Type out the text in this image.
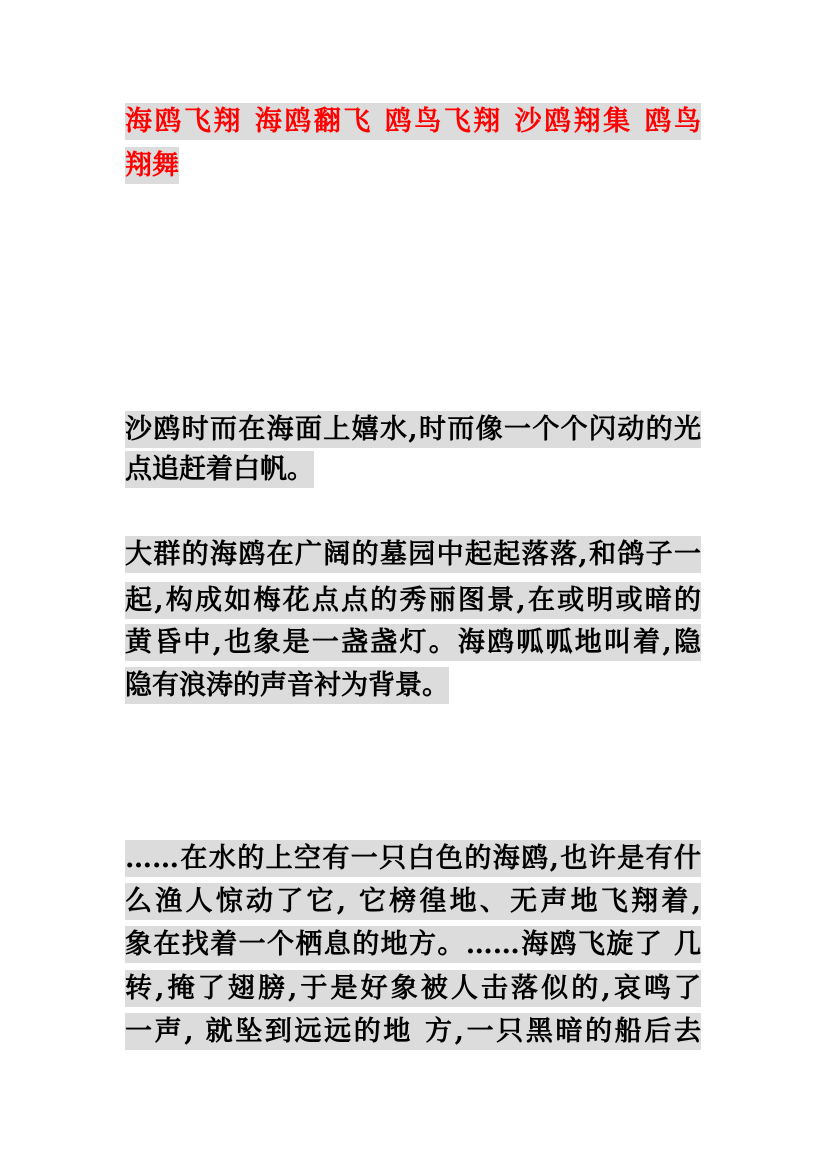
海鸥飞翔 海鸥翻飞 鸥鸟飞翔 沙鸥翔集 鸥鸟
翔舞
沙鸥时而在海面上嬉水,时而像一个个闪动的光
点追赶着白帆。
大群的海鸥在广阔的墓园中起起落落,和鸽子一
起,构成如梅花点点的秀丽图景,在或明或暗的
黄昏中,也象是一盏盏灯。海鸥呱呱地叫着,隐
隐有浪涛的声音衬为背景。
……在水的上空有一只白色的海鸥,也许是有什
么渔人惊动了它, 它榜徨地、无声地飞翔着,
象在找着一个栖息的地方。……海鸥飞旋了 几
转,掩了翅膀,于是好象被人击落似的,哀鸣了
一声, 就坠到远远的地 方,一只黑暗的船后去
